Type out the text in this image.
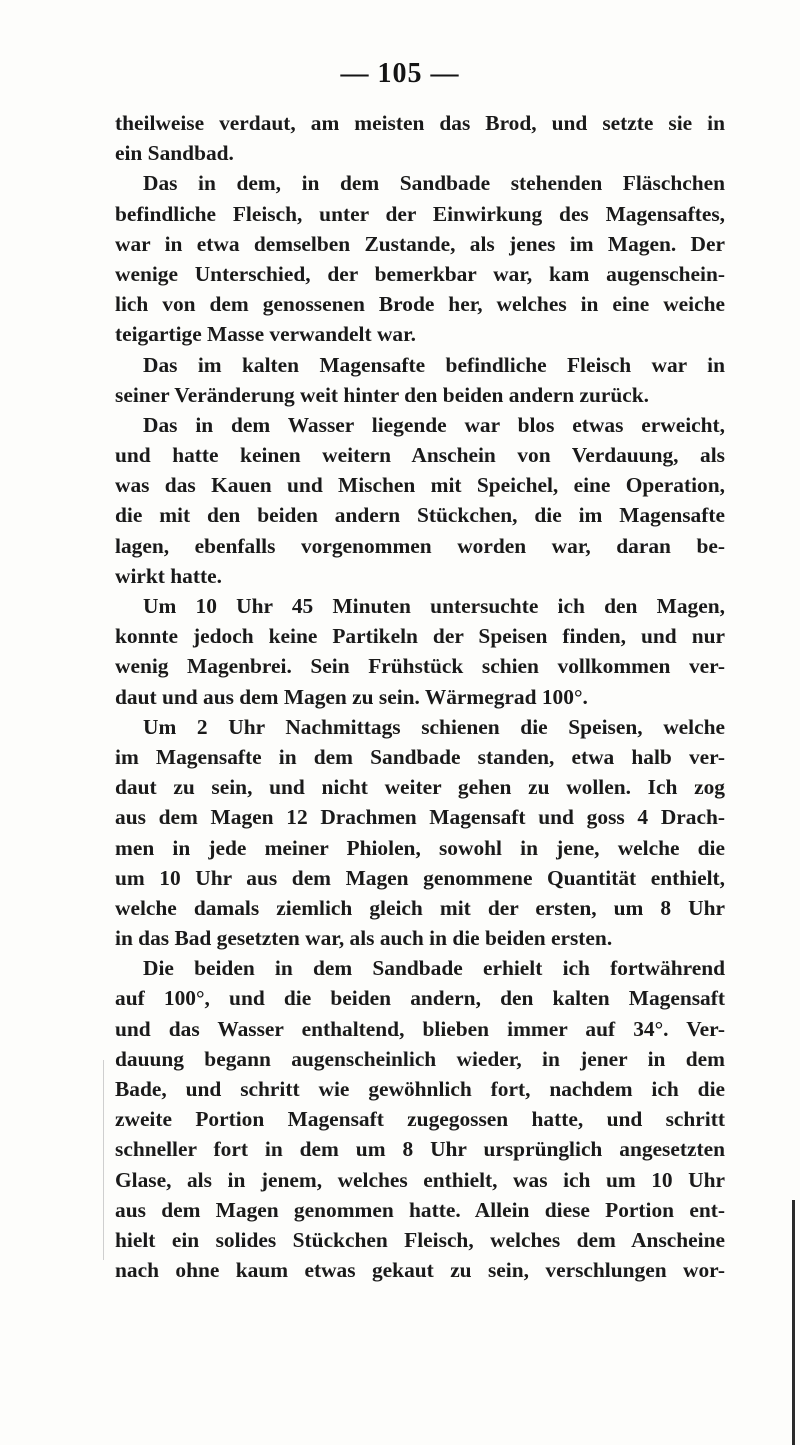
— 105 —
theilweise verdaut, am meisten das Brod, und setzte sie in
ein Sandbad.
Das in dem, in dem Sandbade stehenden Fläschchen
befindliche Fleisch, unter der Einwirkung des Magensaftes,
war in etwa demselben Zustande, als jenes im Magen. Der
wenige Unterschied, der bemerkbar war, kam augenschein-
lich von dem genossenen Brode her, welches in eine weiche
teigartige Masse verwandelt war.
Das im kalten Magensafte befindliche Fleisch war in
seiner Veränderung weit hinter den beiden andern zurück.
Das in dem Wasser liegende war blos etwas erweicht,
und hatte keinen weitern Anschein von Verdauung, als
was das Kauen und Mischen mit Speichel, eine Operation,
die mit den beiden andern Stückchen, die im Magensafte
lagen, ebenfalls vorgenommen worden war, daran be-
wirkt hatte.
Um 10 Uhr 45 Minuten untersuchte ich den Magen,
konnte jedoch keine Partikeln der Speisen finden, und nur
wenig Magenbrei. Sein Frühstück schien vollkommen ver-
daut und aus dem Magen zu sein. Wärmegrad 100°.
Um 2 Uhr Nachmittags schienen die Speisen, welche
im Magensafte in dem Sandbade standen, etwa halb ver-
daut zu sein, und nicht weiter gehen zu wollen. Ich zog
aus dem Magen 12 Drachmen Magensaft und goss 4 Drach-
men in jede meiner Phiolen, sowohl in jene, welche die
um 10 Uhr aus dem Magen genommene Quantität enthielt,
welche damals ziemlich gleich mit der ersten, um 8 Uhr
in das Bad gesetzten war, als auch in die beiden ersten.
Die beiden in dem Sandbade erhielt ich fortwährend
auf 100°, und die beiden andern, den kalten Magensaft
und das Wasser enthaltend, blieben immer auf 34°. Ver-
dauung begann augenscheinlich wieder, in jener in dem
Bade, und schritt wie gewöhnlich fort, nachdem ich die
zweite Portion Magensaft zugegossen hatte, und schritt
schneller fort in dem um 8 Uhr ursprünglich angesetzten
Glase, als in jenem, welches enthielt, was ich um 10 Uhr
aus dem Magen genommen hatte. Allein diese Portion ent-
hielt ein solides Stückchen Fleisch, welches dem Anscheine
nach ohne kaum etwas gekaut zu sein, verschlungen wor-
